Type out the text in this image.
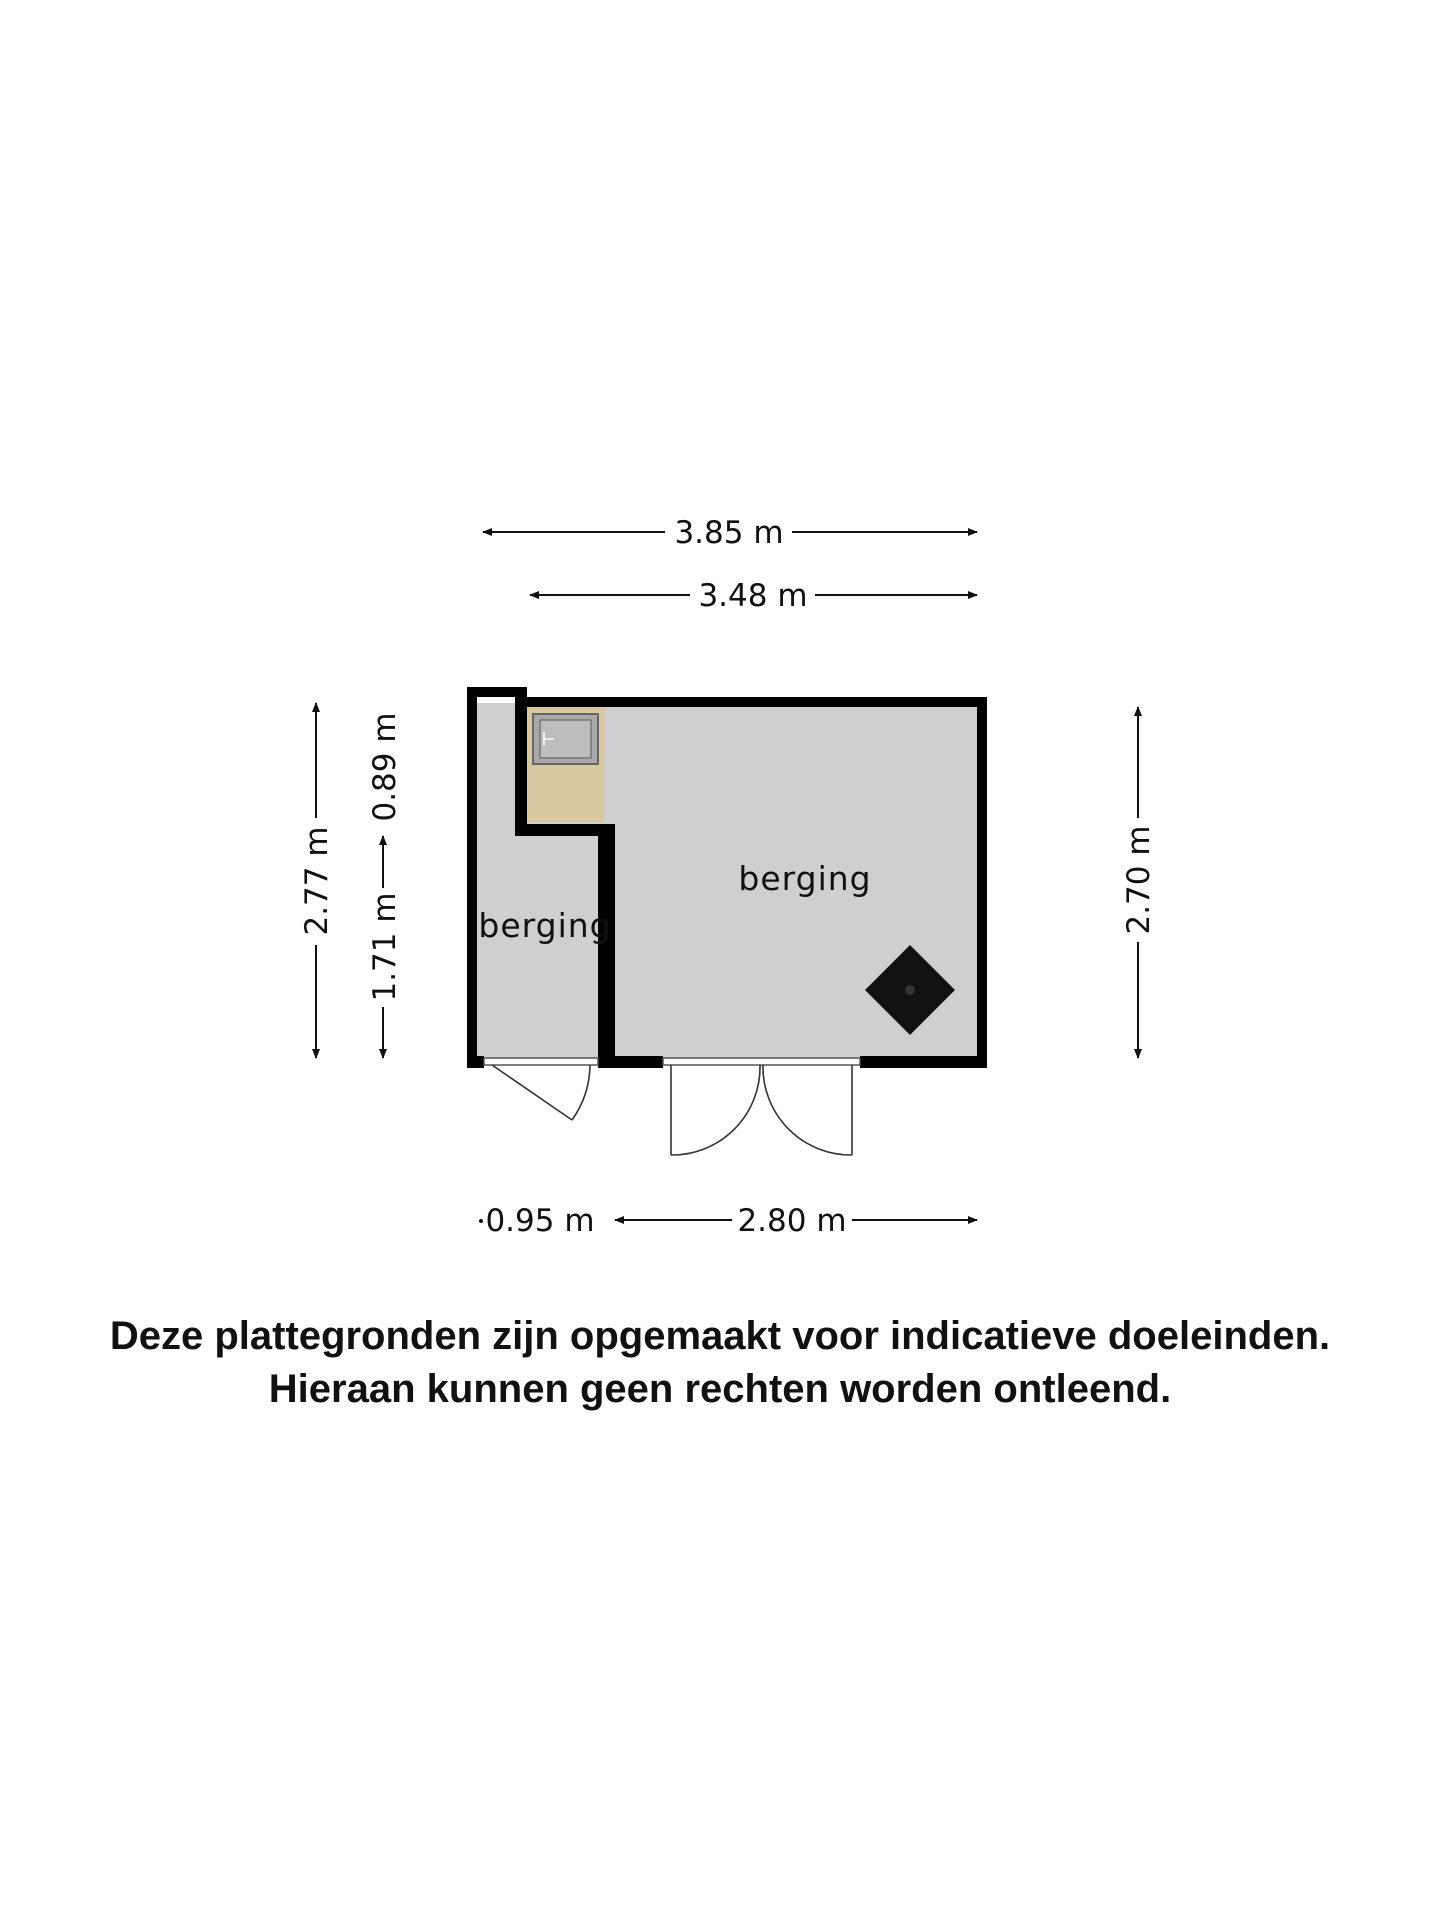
berging
berging
3.85 m
3.48 m
2.77 m
0.89 m
1.71 m
2.70 m
0.95 m	2.80 m
Deze plattegronden zijn opgemaakt voor indicatieve doeleinden.
Hieraan kunnen geen rechten worden ontleend.
